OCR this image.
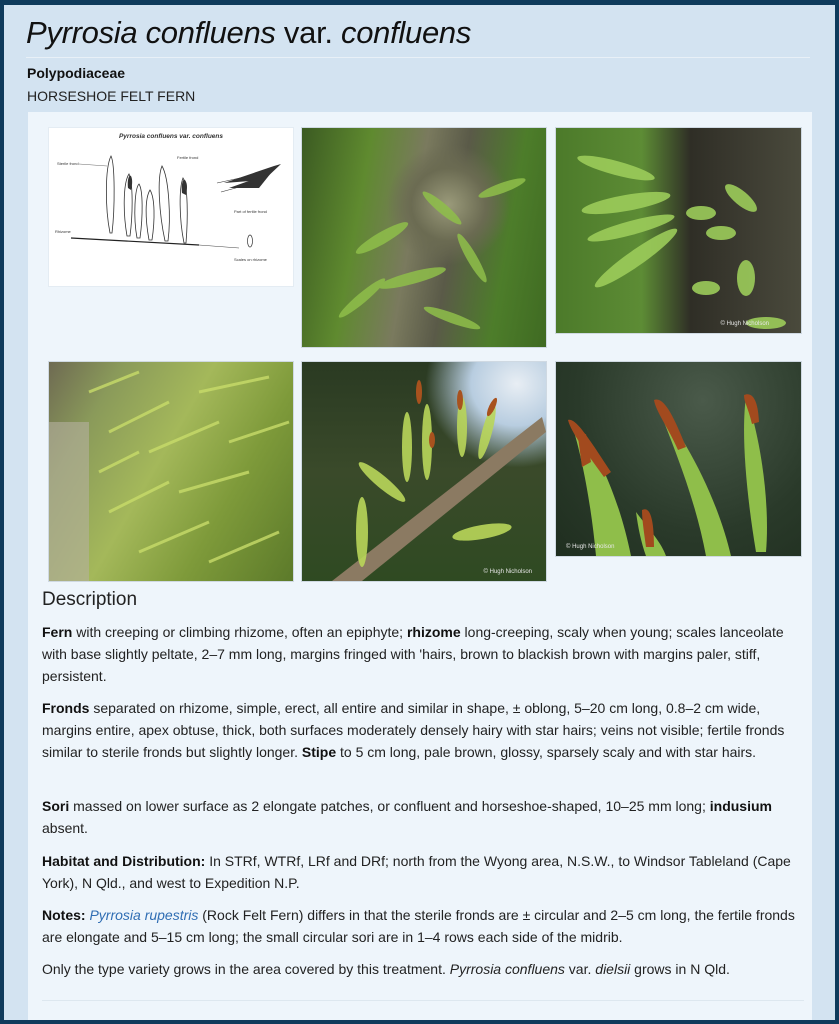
Pyrrosia confluens var. confluens
Polypodiaceae
HORSESHOE FELT FERN
Pyrrosia confluens var. confluens
Sterile frond
Fertile frond
Rhizome
Part of fertile frond
Scales on rhizome
© Hugh Nicholson
© Hugh Nicholson
© Hugh Nicholson
Description

Fern with creeping or climbing rhizome, often an epiphyte; rhizome long-creeping, scaly when young; scales lanceolate with base slightly peltate, 2–7 mm long, margins fringed with 'hairs, brown to blackish brown with margins paler, stiff, persistent.

Fronds separated on rhizome, simple, erect, all entire and similar in shape, ± oblong, 5–20 cm long, 0.8–2 cm wide, margins entire, apex obtuse, thick, both surfaces moderately densely hairy with star hairs; veins not visible; fertile fronds similar to sterile fronds but slightly longer. Stipe to 5 cm long, pale brown, glossy, sparsely scaly and with star hairs.

Sori massed on lower surface as 2 elongate patches, or confluent and horseshoe-shaped, 10–25 mm long; indusium absent.

Habitat and Distribution: In STRf, WTRf, LRf and DRf; north from the Wyong area, N.S.W., to Windsor Tableland (Cape York), N Qld., and west to Expedition N.P.

Notes: Pyrrosia rupestris (Rock Felt Fern) differs in that the sterile fronds are ± circular and 2–5 cm long, the fertile fronds are elongate and 5–15 cm long; the small circular sori are in 1–4 rows each side of the midrib.

Only the type variety grows in the area covered by this treatment. Pyrrosia confluens var. dielsii grows in N Qld.
